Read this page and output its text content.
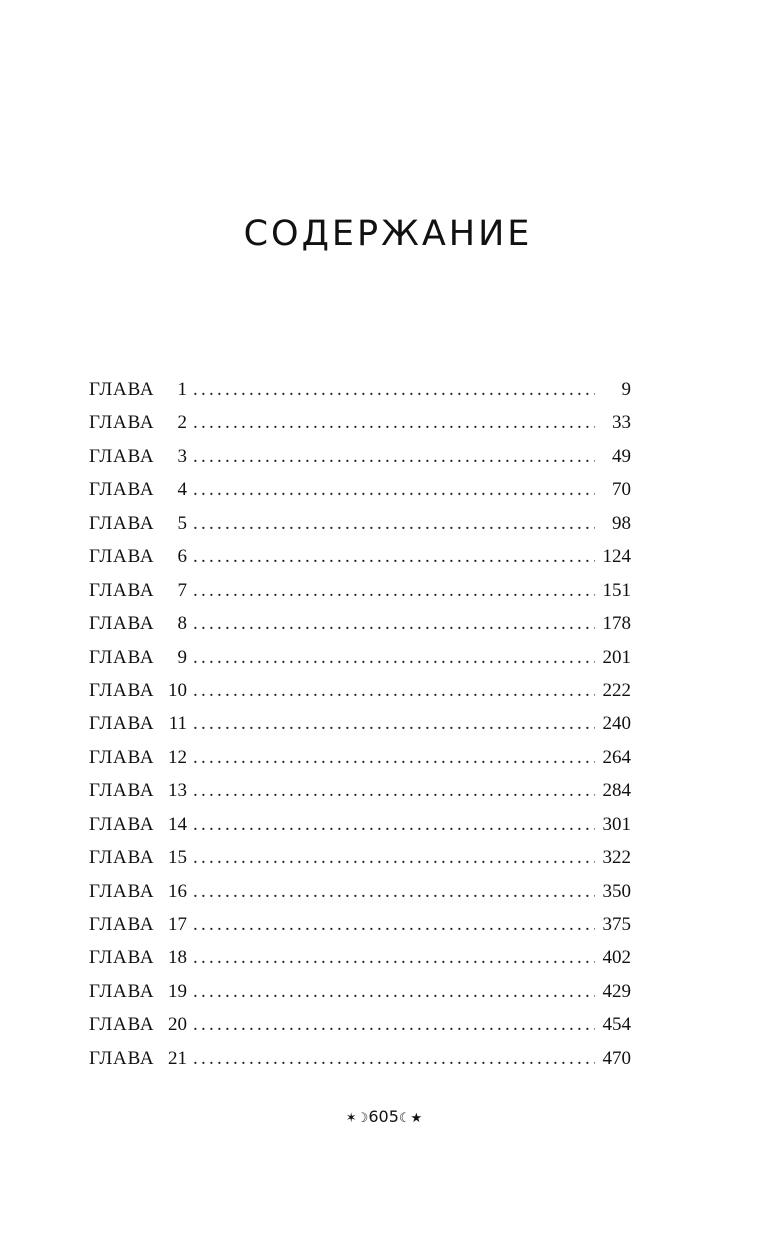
СОДЕРЖАНИЕ
ГЛАВА	1 . . .	9
ГЛАВА	2 . . .	33
ГЛАВА	3 . . .	49
ГЛАВА	4 . . .	70
ГЛАВА	5 . . .	98
ГЛАВА	6 . . .	124
ГЛАВА	7 . . .	151
ГЛАВА	8 . . .	178
ГЛАВА	9 . . .	201
ГЛАВА 10 . . .	222
ГЛАВА 11 . . .	240
ГЛАВА 12 . . .	264
ГЛАВА 13 . . .	284
ГЛАВА 14 . . .	301
ГЛАВА 15 . . .	322
ГЛАВА 16 . . .	350
ГЛАВА 17 . . .	375
ГЛАВА 18 . . .	402
ГЛАВА 19 . . .	429
ГЛАВА 20 . . .	454
ГЛАВА 21 . . .	470
✶☽605☾★
